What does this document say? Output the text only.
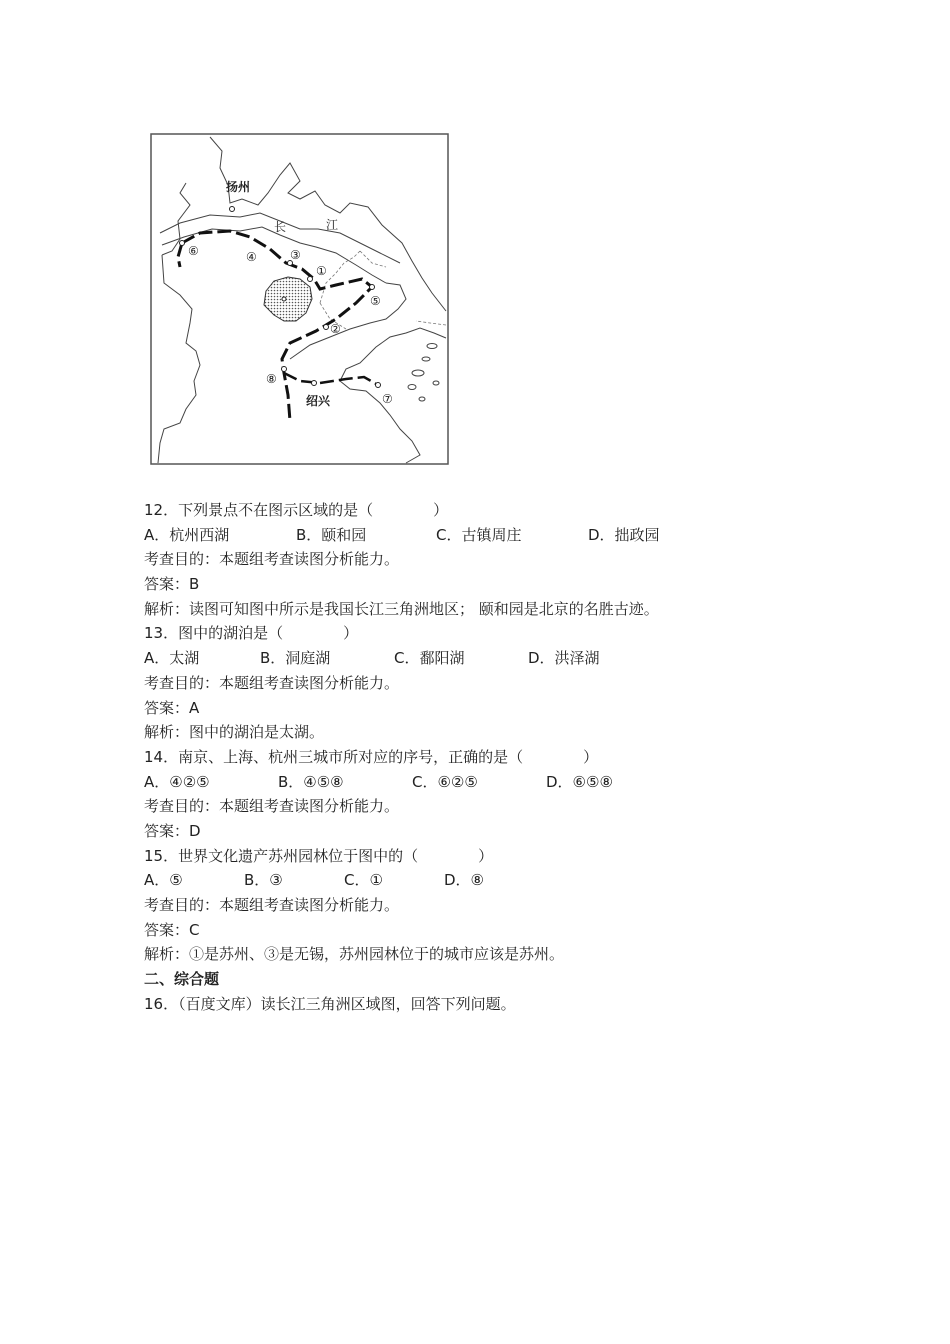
扬州
长	江
绍兴
①
②
③
④
⑤
⑥
⑦
⑧
12．下列景点不在图示区域的是（　　　　）
A．杭州西湖	B．颐和园	C．古镇周庄	D．拙政园
考查目的：本题组考查读图分析能力。
答案：B
解析：读图可知图中所示是我国长江三角洲地区； 颐和园是北京的名胜古迹。
13．图中的湖泊是（　　　　）
A．太湖	B．洞庭湖	C．鄱阳湖	D．洪泽湖
考查目的：本题组考查读图分析能力。
答案：A
解析：图中的湖泊是太湖。
14．南京、上海、杭州三城市所对应的序号，正确的是（　　　　）
A．④②⑤	B．④⑤⑧	C．⑥②⑤	D．⑥⑤⑧
考查目的：本题组考查读图分析能力。
答案：D
15．世界文化遗产苏州园林位于图中的（　　　　）
A．⑤	B．③	C．①	D．⑧
考查目的：本题组考查读图分析能力。
答案：C
解析：①是苏州、③是无锡，苏州园林位于的城市应该是苏州。
二、综合题
16．（百度文库）读长江三角洲区域图，回答下列问题。
